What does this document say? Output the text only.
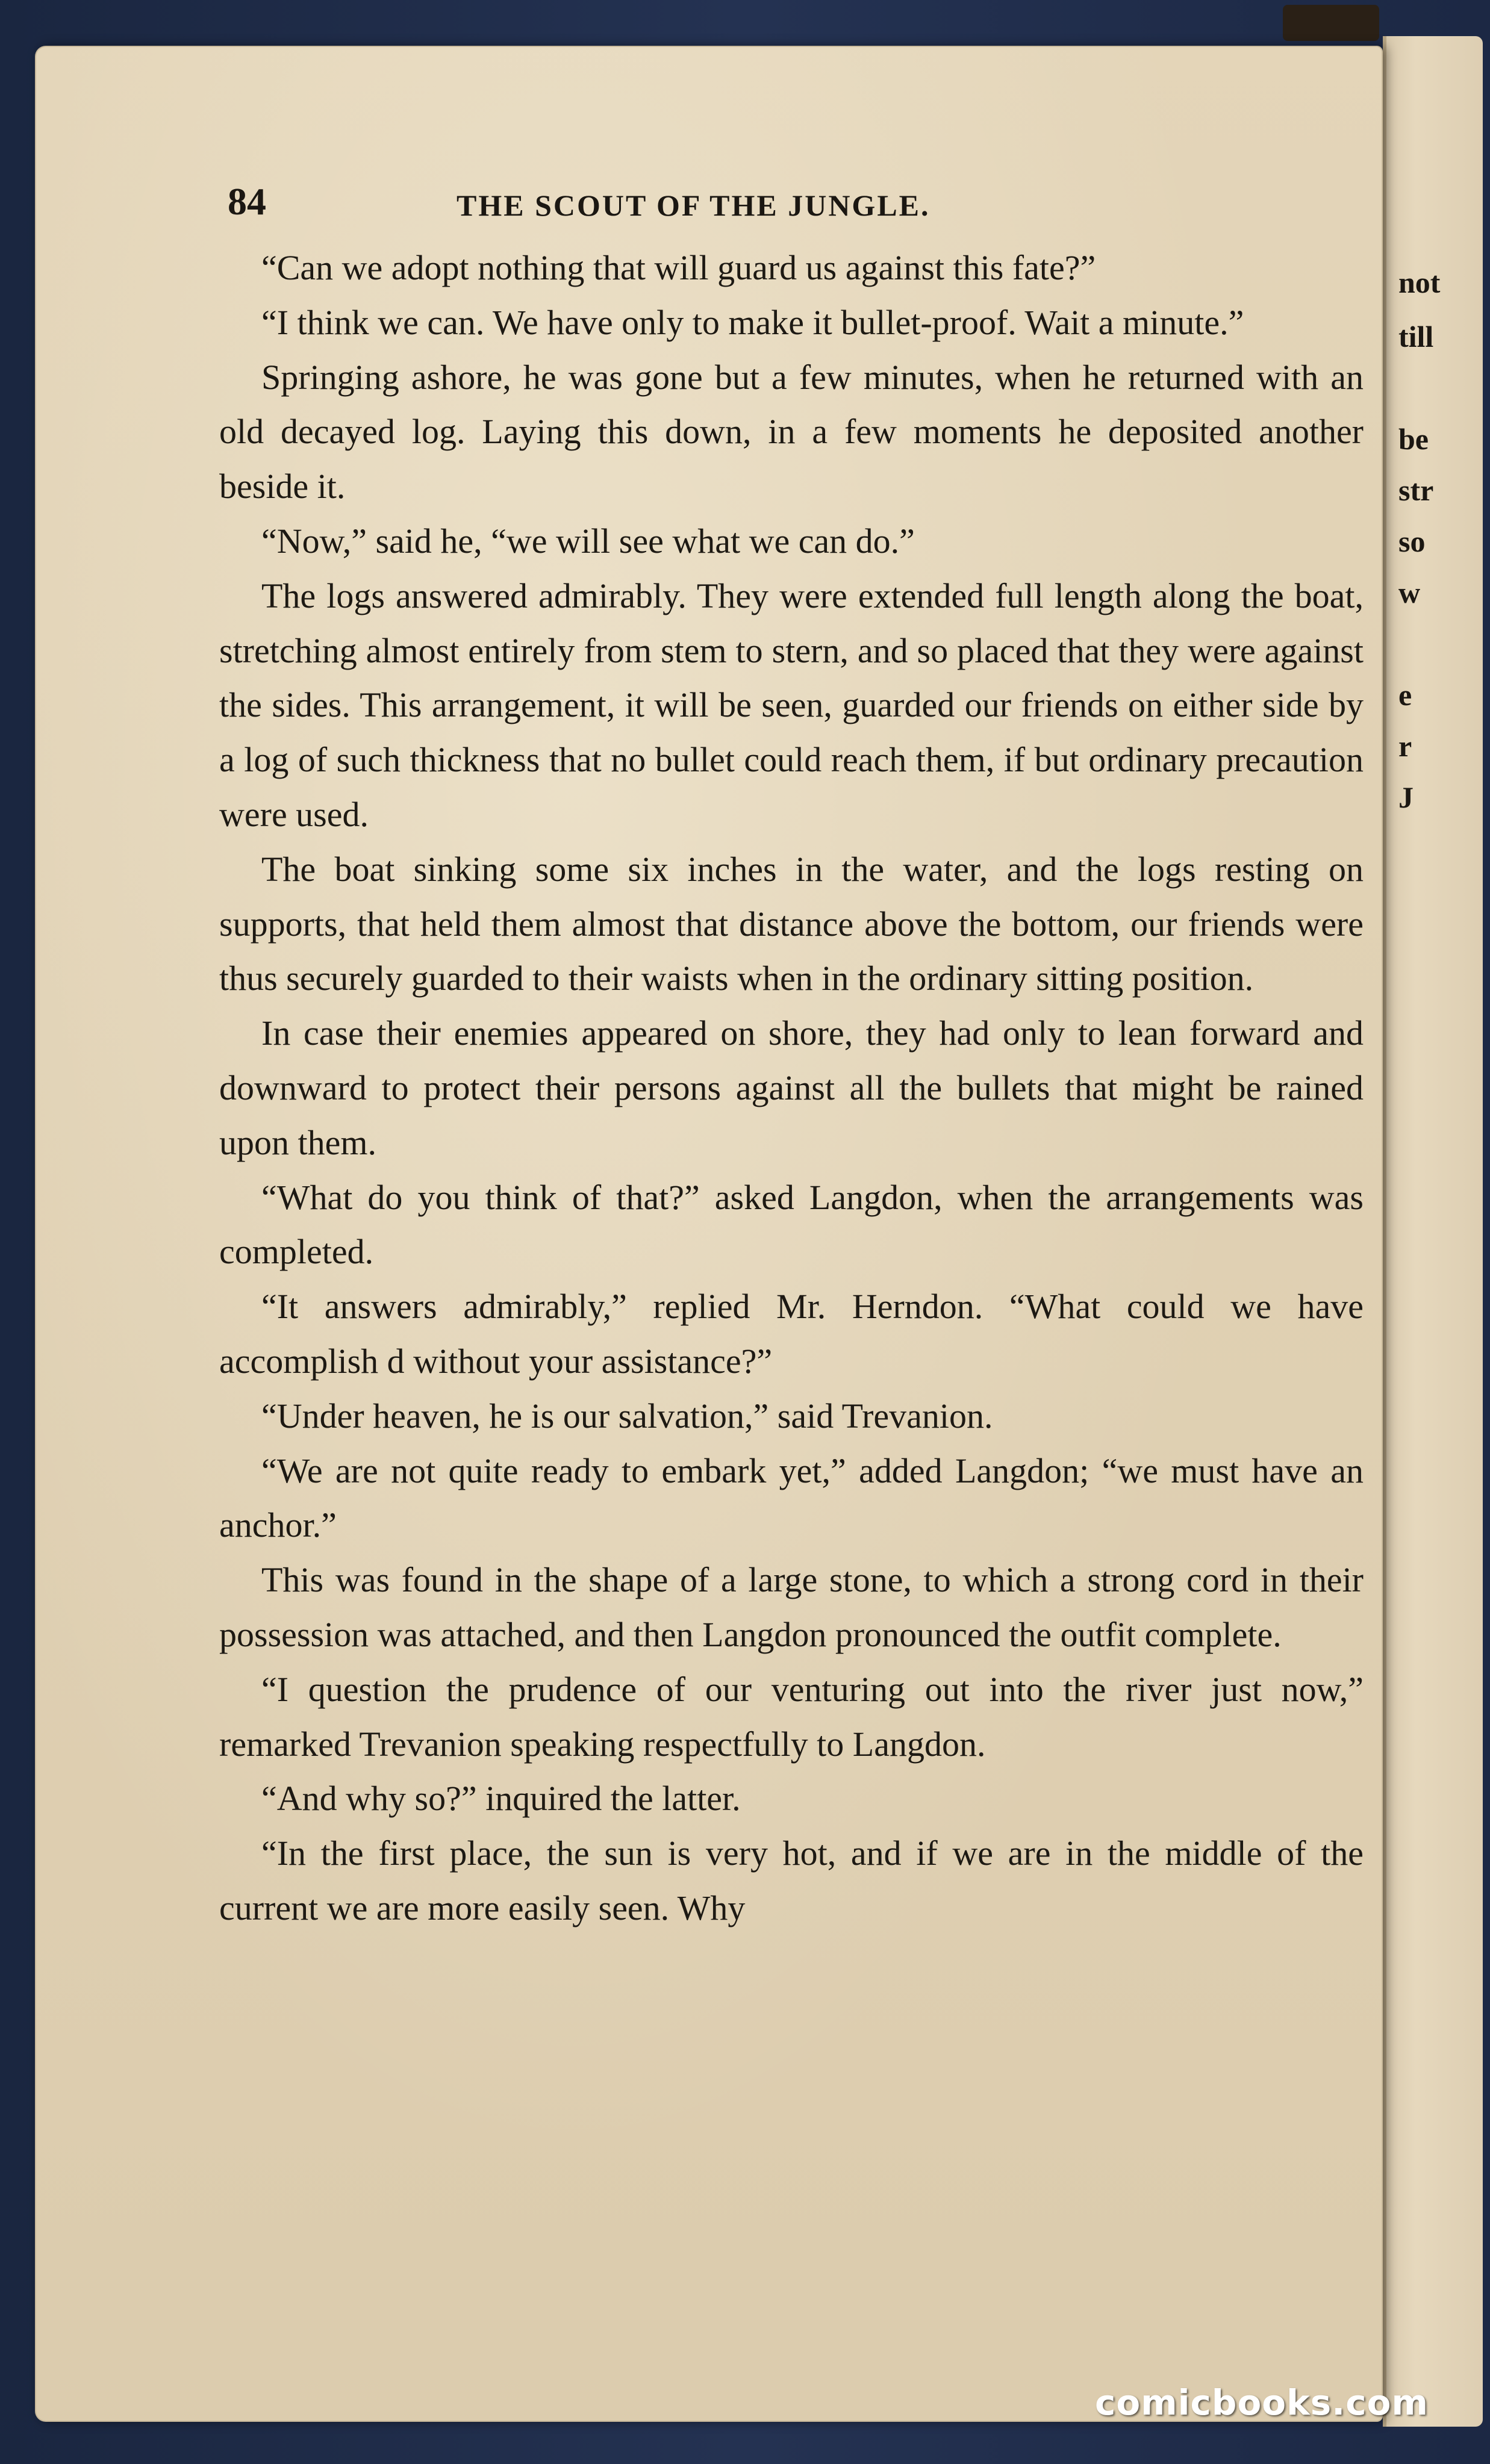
not
till
be
str
so
w
e
r
J
84	THE SCOUT OF THE JUNGLE.

“Can we adopt nothing that will guard us against this fate?”

“I think we can. We have only to make it bullet-proof. Wait a minute.”

Springing ashore, he was gone but a few minutes, when he returned with an old decayed log. Laying this down, in a few moments he deposited another beside it.

“Now,” said he, “we will see what we can do.”

The logs answered admirably. They were extended full length along the boat, stretching almost entirely from stem to stern, and so placed that they were against the sides. This arrangement, it will be seen, guarded our friends on either side by a log of such thickness that no bullet could reach them, if but ordinary precaution were used.

The boat sinking some six inches in the water, and the logs resting on supports, that held them almost that distance above the bottom, our friends were thus securely guarded to their waists when in the ordinary sitting position.

In case their enemies appeared on shore, they had only to lean forward and downward to protect their persons against all the bullets that might be rained upon them.

“What do you think of that?” asked Langdon, when the arrangements was completed.

“It answers admirably,” replied Mr. Herndon. “What could we have accomplish d without your assistance?”

“Under heaven, he is our salvation,” said Trevanion.

“We are not quite ready to embark yet,” added Langdon; “we must have an anchor.”

This was found in the shape of a large stone, to which a strong cord in their possession was attached, and then Langdon pronounced the outfit complete.

“I question the prudence of our venturing out into the river just now,” remarked Trevanion speaking respectfully to Langdon.

“And why so?” inquired the latter.

“In the first place, the sun is very hot, and if we are in the middle of the current we are more easily seen. Why

comicbooks.com
